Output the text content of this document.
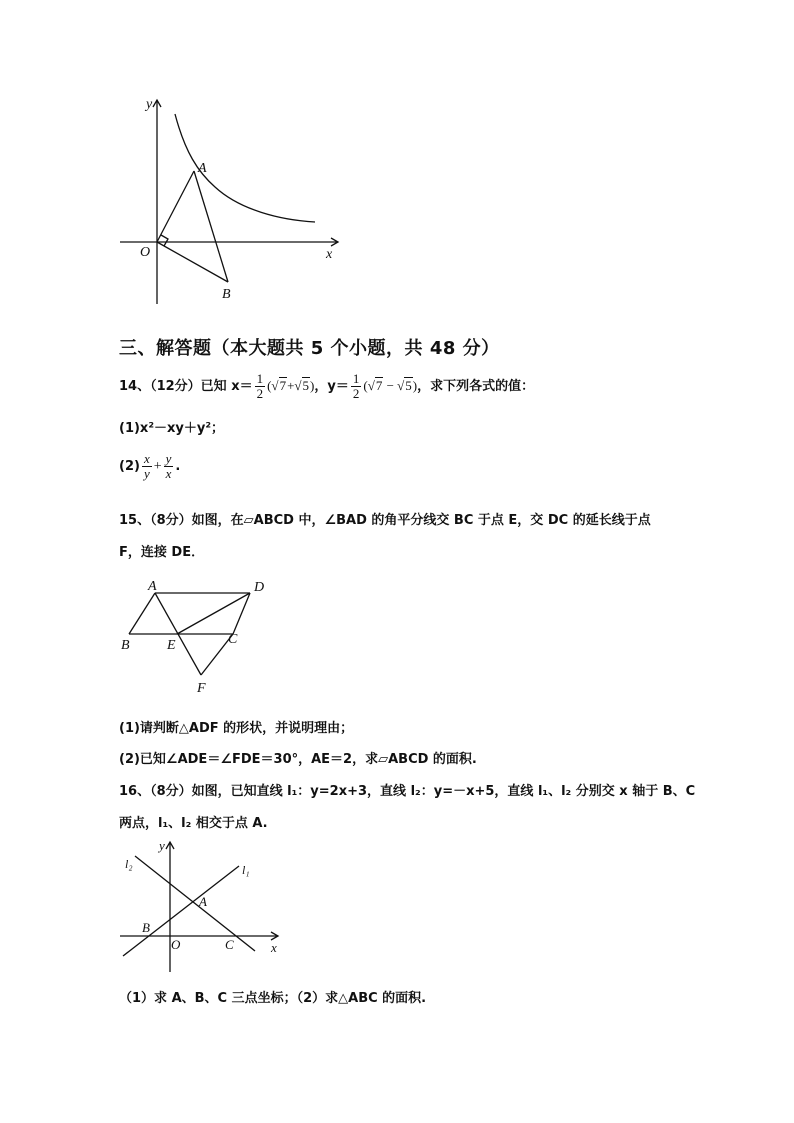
y
x
O
A
B
三、解答题（本大题共 5 个小题，共 48 分）
14、（12分）已知 $x= \frac{1}{2} (√7+√5)$，$y= \frac{1}{2} (√7 - √5)$，求下列各式的值：
(1)x²－xy＋y²；
$(2) \frac{x}{y} + \frac{y}{x}$ .
15、（8分）如图，在▱ABCD 中，∠BAD 的角平分线交 BC 于点 E，交 DC 的延长线于点
F，连接 DE．
A	D
B	E	C
F
(1)请判断△ADF 的形状，并说明理由；
(2)已知∠ADE＝∠FDE＝30°，AE＝2，求▱ABCD 的面积.
16、（8分）如图，已知直线 l₁：y=2x+3，直线 l₂：y=－x+5，直线 l₁、l₂ 分别交 x 轴于 B、C
两点，l₁、l₂ 相交于点 A.
y
x
O
A
B
C
l₁
l₂
（1）求 A、B、C 三点坐标；（2）求△ABC 的面积.
